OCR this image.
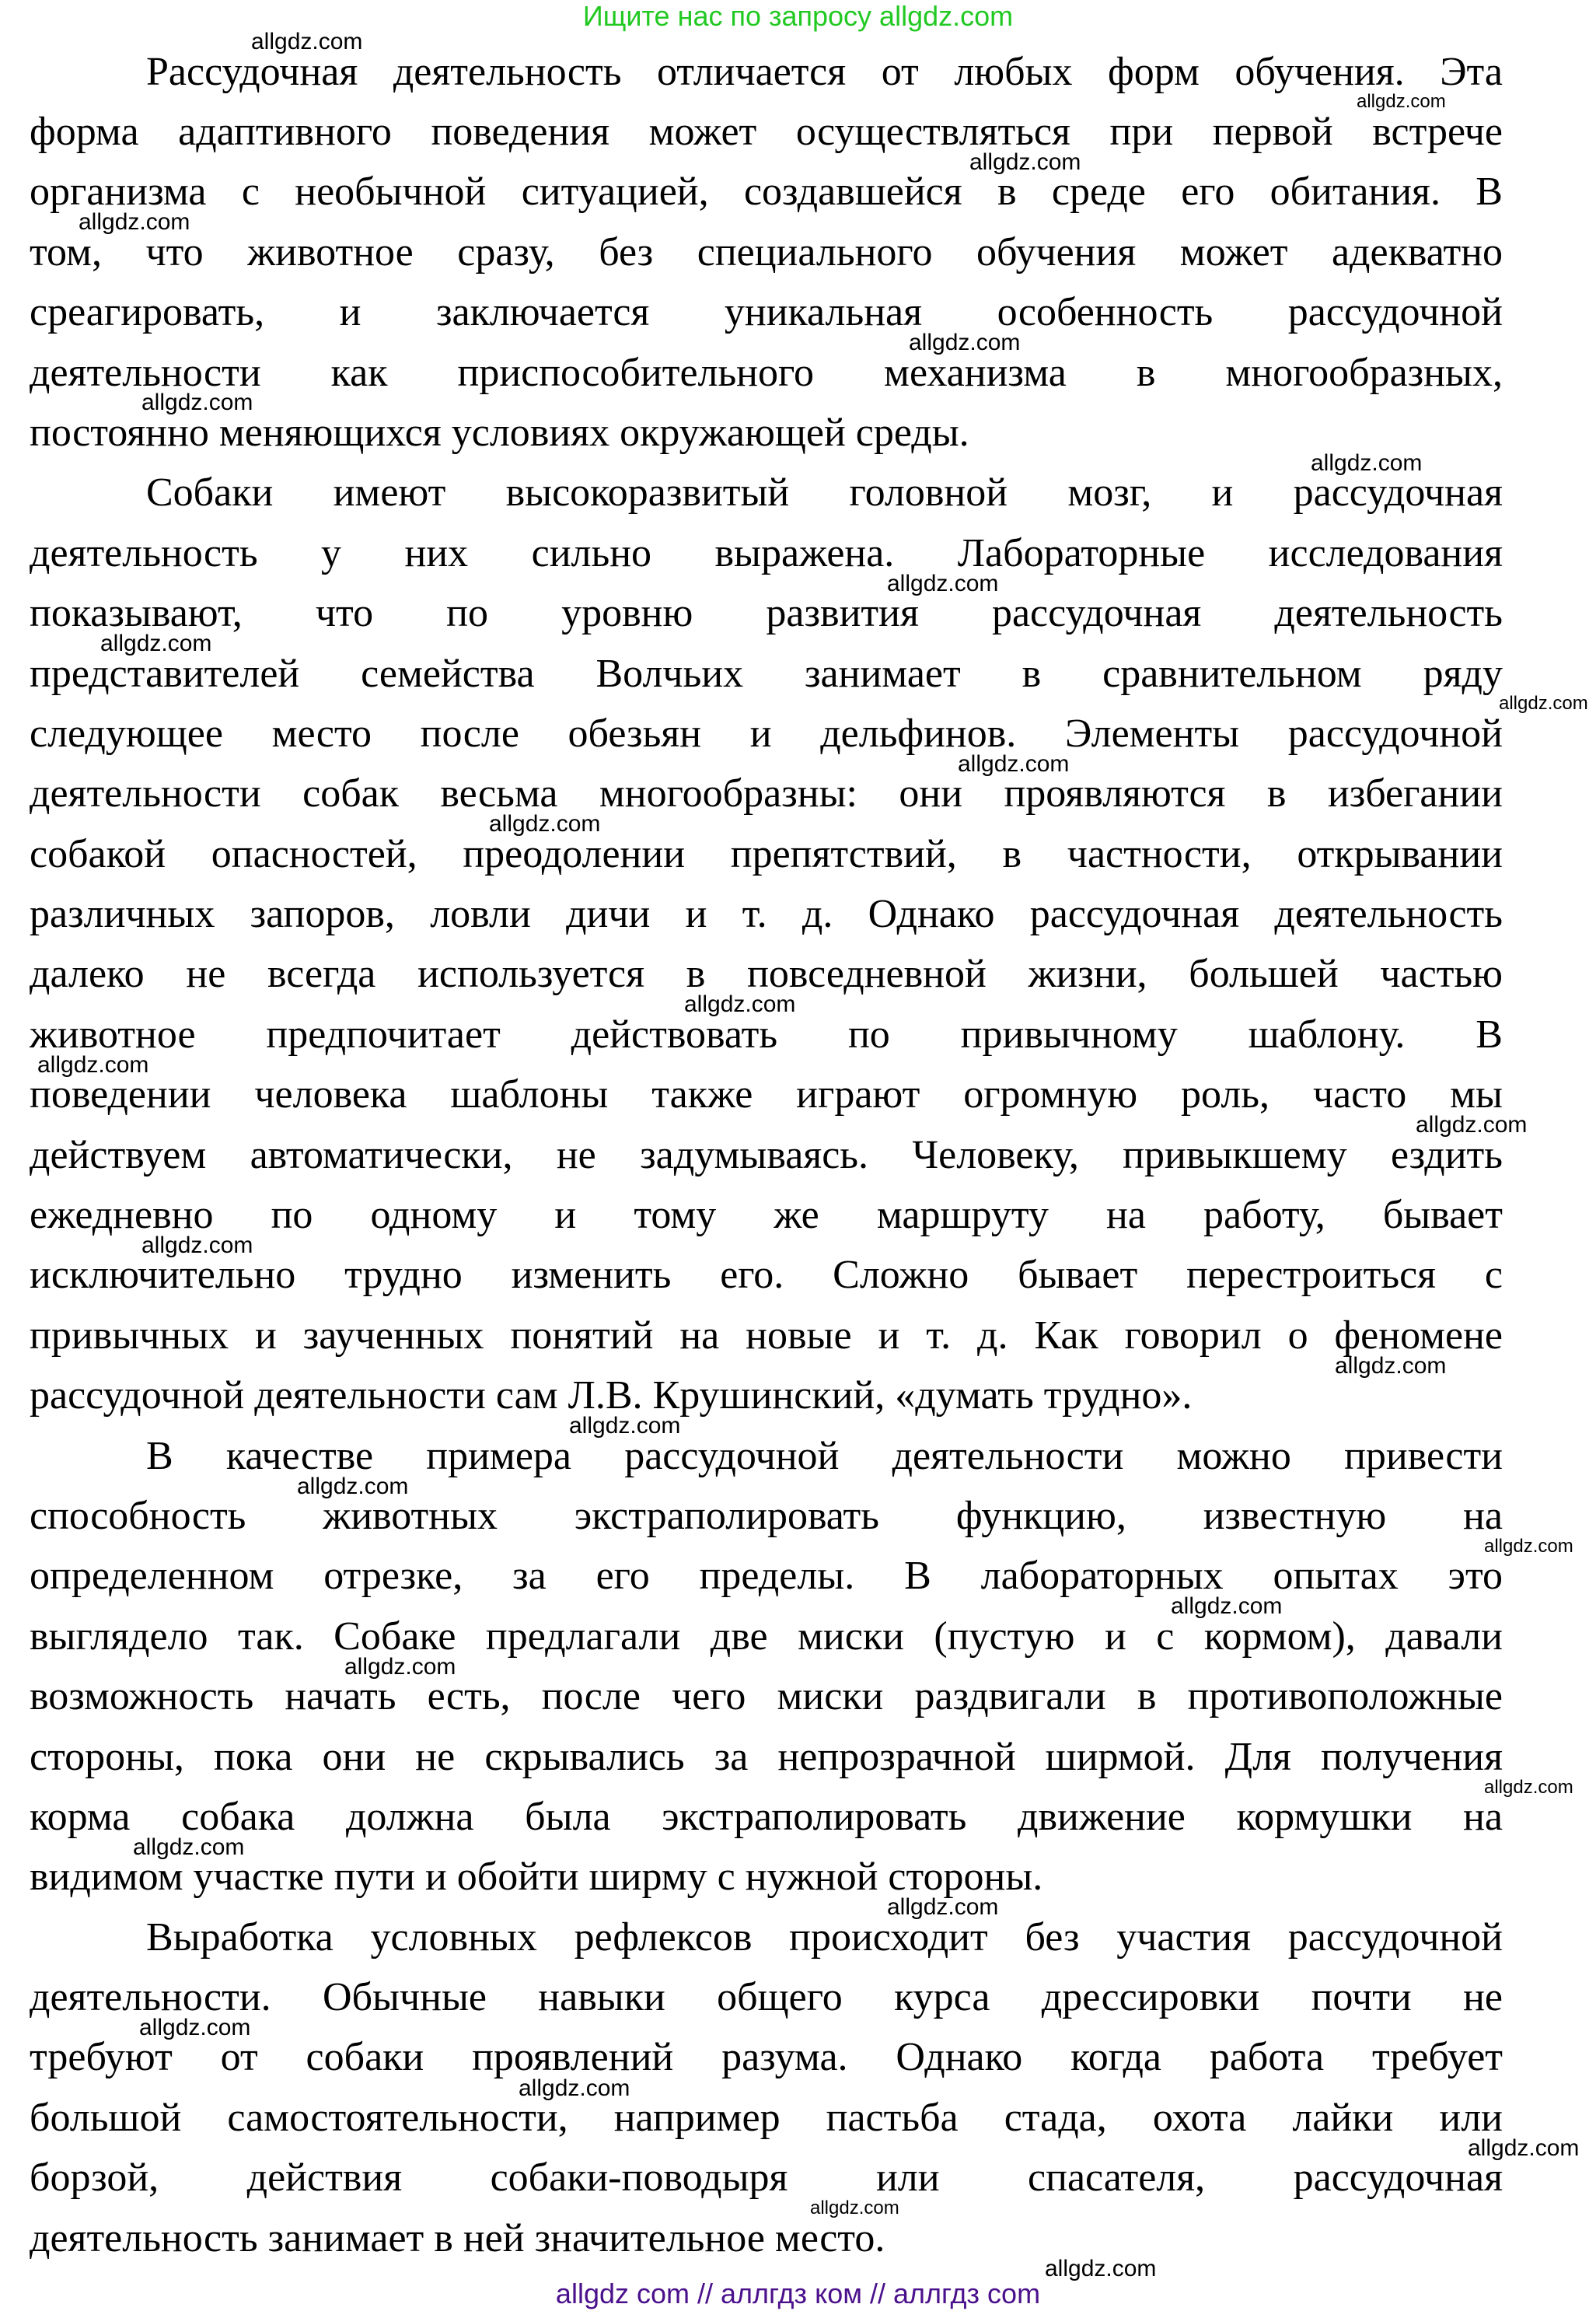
Ищите нас по запросу allgdz.com
Рассудочная деятельность отличается от любых форм обучения. Эта
форма адаптивного поведения может осуществляться при первой встрече
организма с необычной ситуацией, создавшейся в среде его обитания. В
том, что животное сразу, без специального обучения может адекватно
среагировать, и заключается уникальная особенность рассудочной
деятельности как приспособительного механизма в многообразных,
постоянно меняющихся условиях окружающей среды.
Собаки имеют высокоразвитый головной мозг, и рассудочная
деятельность у них сильно выражена. Лабораторные исследования
показывают, что по уровню развития рассудочная деятельность
представителей семейства Волчьих занимает в сравнительном ряду
следующее место после обезьян и дельфинов. Элементы рассудочной
деятельности собак весьма многообразны: они проявляются в избегании
собакой опасностей, преодолении препятствий, в частности, открывании
различных запоров, ловли дичи и т. д. Однако рассудочная деятельность
далеко не всегда используется в повседневной жизни, большей частью
животное предпочитает действовать по привычному шаблону. В
поведении человека шаблоны также играют огромную роль, часто мы
действуем автоматически, не задумываясь. Человеку, привыкшему ездить
ежедневно по одному и тому же маршруту на работу, бывает
исключительно трудно изменить его. Сложно бывает перестроиться с
привычных и заученных понятий на новые и т. д. Как говорил о феномене
рассудочной деятельности сам Л.В. Крушинский, «думать трудно».
В качестве примера рассудочной деятельности можно привести
способность животных экстраполировать функцию, известную на
определенном отрезке, за его пределы. В лабораторных опытах это
выглядело так. Собаке предлагали две миски (пустую и с кормом), давали
возможность начать есть, после чего миски раздвигали в противоположные
стороны, пока они не скрывались за непрозрачной ширмой. Для получения
корма собака должна была экстраполировать движение кормушки на
видимом участке пути и обойти ширму с нужной стороны.
Выработка условных рефлексов происходит без участия рассудочной
деятельности. Обычные навыки общего курса дрессировки почти не
требуют от собаки проявлений разума. Однако когда работа требует
большой самостоятельности, например пастьба стада, охота лайки или
борзой, действия собаки-поводыря или спасателя, рассудочная
деятельность занимает в ней значительное место.
allgdz.com
allgdz.com
allgdz.com
allgdz.com
allgdz.com
allgdz.com
allgdz.com
allgdz.com
allgdz.com
allgdz.com
allgdz.com
allgdz.com
allgdz.com
allgdz.com
allgdz.com
allgdz.com
allgdz.com
allgdz.com
allgdz.com
allgdz.com
allgdz.com
allgdz.com
allgdz.com
allgdz.com
allgdz.com
allgdz.com
allgdz.com
allgdz.com
allgdz.com
allgdz.com
allgdz com // аллгдз ком // аллгдз com
